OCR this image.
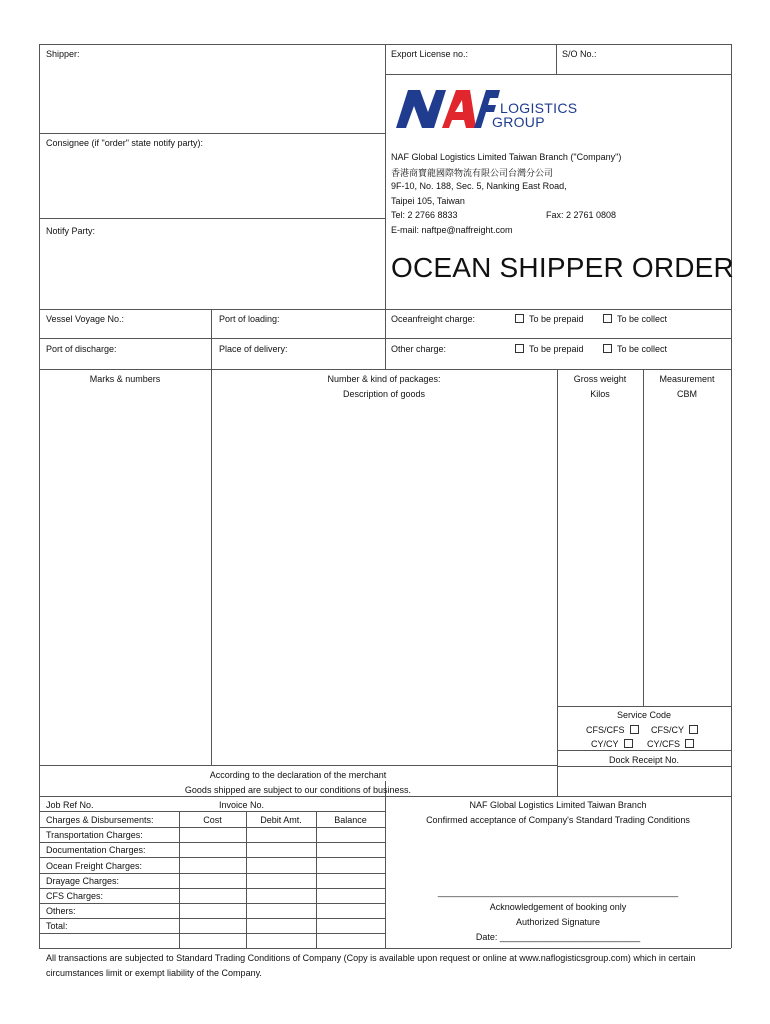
Shipper:	Export License no.:	S/O No.:
Consignee (if "order" state notify party):
Notify Party:
LOGISTICS
GROUP
NAF Global Logistics Limited Taiwan Branch ("Company")
香港商寶龍國際物流有限公司台灣分公司
9F-10, No. 188, Sec. 5, Nanking East Road,
Taipei 105, Taiwan
Tel: 2 2766 8833	Fax: 2 2761 0808
E-mail: naftpe@naffreight.com
OCEAN SHIPPER ORDER
Vessel Voyage No.:	Port of loading:
Port of discharge:	Place of delivery:
Oceanfreight charge:	To be prepaid	To be collect
Other charge:	To be prepaid	To be collect
Marks & numbers	Number & kind of packages:
Description of goods
Gross weight
Kilos
Measurement
CBM
Service Code
CFS/CFS	CFS/CY
CY/CY	CY/CFS
Dock Receipt No.
According to the declaration of the merchant
Goods shipped are subject to our conditions of business.
Job Ref No.	Invoice No.
Charges & Disbursements:	Cost	Debit Amt.	Balance
Transportation Charges:
Documentation Charges:
Ocean Freight Charges:
Drayage Charges:
CFS Charges:
Others:
Total:
NAF Global Logistics Limited Taiwan Branch
Confirmed acceptance of Company's Standard Trading Conditions
________________________________________________
Acknowledgement of booking only
Authorized Signature
Date: ____________________________
All transactions are subjected to Standard Trading Conditions of Company (Copy is available upon request or online at www.naflogisticsgroup.com) which in certain circumstances limit or exempt liability of the Company.
